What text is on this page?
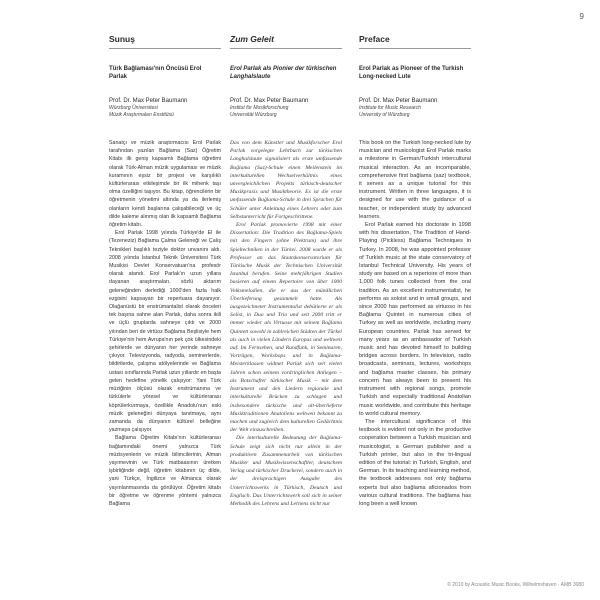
9
Sunuş
Türk Bağlaması'nın Öncüsü Erol Parlak
Prof. Dr. Max Peter Baumann
Würzburg Üniversitesi
Müzik Araştırmaları Enstitüsü

Sanatçı ve müzik araştırmacısı Erol Parlak tarafından yazılan Bağlama (Saz) Öğretim Kitabı ilk geniş kapsamlı Bağlama öğretimi olarak Türk-Alman müzik uygulaması ve müzik kuramının eşsiz bir projesi ve karşılıklı kültürlerarası etkileşimde bir ilk mihenk taşı olma özelliğini taşıyor. Bu kitap, öğrencilerin bir öğretmenin yönetimi altında ya da ilerlemiş olanların kendi başlarına çalışabileceği ve üç dilde kaleme alınmış olan ilk kapsamlı Bağlama öğretim kitabı.

Erol Parlak 1998 yılında Türkiye'de El ile (Tezeneziz) Bağlama Çalma Geleneği ve Çalış Teknikleri başlıklı teziyle doktor unvanını aldı. 2008 yılında İstanbul Teknik Üniversitesi Türk Musikisi Devlet Konservatuarı'na profesör olarak atandı. Erol Parlak'ın uzun yıllara dayanan araştırmaları, sözlü aktarım geleneğinden derlediği 1000'den fazla halk ezgisini kapsayan bir repertuara dayanıyor. Olağanüstü bir enstrümantalist olarak önceleri tek başına sahne alan Parlak, daha sonra ikili ve üçlü gruplarda sahneye çıktı ve 2000 yılından beri de virtüoz Bağlama Beşlisiyle hem Türkiye'nin hem Avrupa'nın pek çok ülkesindeki şehirlerde ve dünyanın her yerinde sahneye çıkıyor. Televizyonda, radyoda, seminerlerde, bildirilerde, çalışma atölyelerinde ve Bağlama ustası sınıflarında Parlak uzun yıllardır en başta gelen hedefine yönelik çalışıyor: Yani Türk müziğinin ölçüsü olarak enstrümanına ve türkülerle yöresel ve kültürlerarası köprülerkurmaya, özellikle Anadolu'nun eski müzik geleneğini dünyaya tanıtmaya, aynı zamanda da dünyanın kültürel belleğine yazmaya çalışıyor.

Bağlama Öğretim Kitabı'nın kültürlerarası bağlamındaki önemi yalnızca Türk müzisyenlerin ve müzik bilimcilerinin, Alman yayımevinin ve Türk matbaasının üretken işbirliğinde değil, öğretim kitabının üç dilde, yani Türkçe, İngilizce ve Almanca olarak yayınlanmasında da görülüyor. Öğretim kitabı bir öğretme ve öğrenme yöntemi yalnızca Bağlama

Zum Geleit
Erol Parlak als Pionier der türkischen Langhalslaute
Prof. Dr. Max Peter Baumann
Institut für Musikforschung
Universität Würzburg

Das von dem Künstler und Musikforscher Erol Parlak vorgelegte Lehrbuch zur türkischen Langhalslaute signalisiert als erste umfassende Bağlama (Saz)-Schule einen Meilenstein im interkulturellen Wechselverhältnis eines unvergleichlichen Projekts türkisch-deutscher Musikpraxis und Musiktheorie. Es ist die erste umfassende Bağlama-Schule in drei Sprachen für Schüler unter Anleitung eines Lehrers oder zum Selbstunterricht für Fortgeschrittene.

Erol Parlak promovierte 1998 mit einer Dissertation: Die Tradition des Bağlama-Spiels mit den Fingern (ohne Plektrum) und ihre Spieltechniken in der Türkei. 2008 wurde er als Professor an das Staatskonservatorium für Türkische Musik der Technischen Universität Istanbul berufen. Seine mehrjährigen Studien basieren auf einem Repertoire von über 1000 Volksmelodien, die er aus der mündlichen Überlieferung gesammelt hatte. Als ausgezeichneter Instrumentalist debütierte er als Solist, in Duo und Trio und seit 2000 tritt er immer wieder als Virtuose mit seinem Bağlama Quintett sowohl in zahlreichen Städten der Türkei als auch in vielen Ländern Europas und weltweit auf. Im Fernsehen, und Rundfunk, in Seminaren, Vorträgen, Workshops und in Bağlama-Meisterklassen widmet Parlak sich seit vielen Jahren schon seinem vordringlichen Anliegen – als Botschafter türkischer Musik – mit dem Instrument und den Liedern regionale und interkulturelle Brücken zu schlagen und insbesondere türkische und alt-überlieferte Musiktraditionen Anatoliens weltweit bekannt zu machen und zugleich dem kulturellen Gedächtnis der Welt einzuschreiben.

Die interkulturelle Bedeutung der Bağlama-Schule zeigt sich nicht nur allein in der produktiven Zusammenarbeit von türkischen Musiker und Musikwissenschaftler, deutschem Verlag und türkischer Druckerei, sondern auch in der dreisprachigen Ausgabe des Unterrichtswerks in Türkisch, Deutsch und Englisch. Das Unterrichtswerk soll sich in seiner Methodik des Lehrens und Lernens nicht nur

Preface
Erol Parlak as Pioneer of the Turkish Long-necked Lute
Prof. Dr. Max Peter Baumann
Institute for Music Research
University of Würzburg

This book on the Turkish long-necked lute by musician and musicologist Erol Parlak marks a milestone in German/Turkish intercultural musical interaction. As an incomparable, comprehensive first bağlama (saz) textbook, it serves as a unique tutorial for this instrument. Written in three languages, it is designed for use with the guidance of a teacher, or independent study by advanced learners.

Erol Parlak earned his doctorate in 1998 with his dissertation, The Tradition of Hand-Playing (Pickless) Bağlama Techniques in Turkey. In 2008, he was appointed professor of Turkish music at the state conservatory of Istanbul Technical University. His years of study are based on a repertoire of more than 1,000 folk tunes collected from the oral tradition. As an excellent instrumentalist, he performs as soloist and in small groups, and since 2000 has performed as virtuoso in his Bağlama Quintet in numerous cities of Turkey as well as worldwide, including many European countries. Parlak has served for many years as an ambassador of Turkish music and has devoted himself to building bridges across borders. In television, radio broadcasts, seminars, lectures, workshops and bağlama master classes, his primary concern has always been to present his instrument with regional songs, promote Turkish and especially traditional Anatolian music worldwide, and contribute this heritage to world cultural memory.

The intercultural significance of this textbook is evident not only in the productive cooperation between a Turkish musician and musicologist, a German publisher and a Turkish printer, but also in the tri-lingual edition of the tutorial: in Turkish, English, and German. In its teaching and learning method, the textbook addresses not only bağlama experts but also bağlama aficionados from various cultural traditions. The bağlama has long been a well known

© 2010 by Acoustic Music Books, Wilhelmshaven · AMB 3080
